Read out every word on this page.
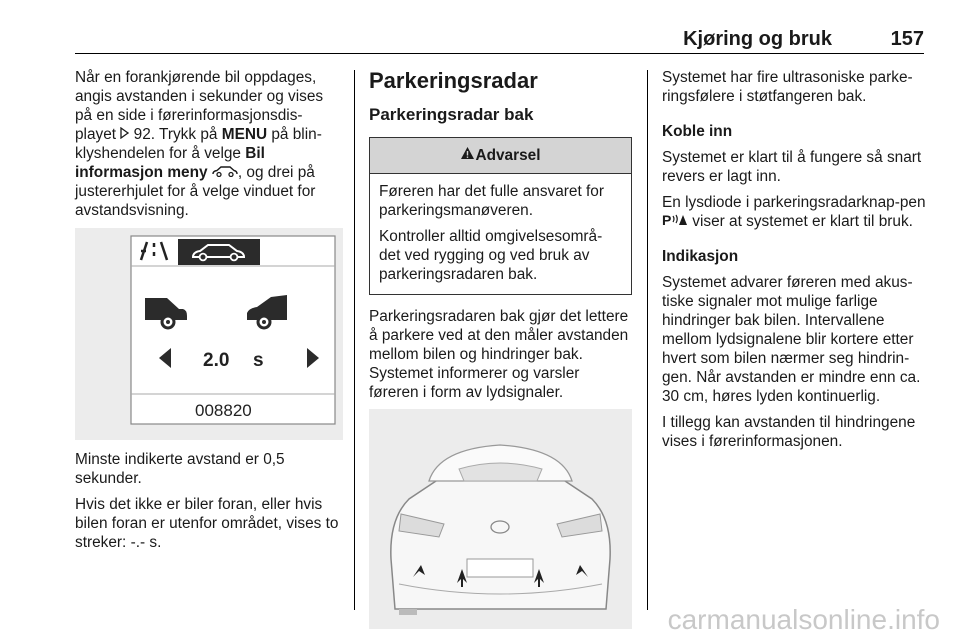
Kjøring og bruk	157

Når en forankjørende bil oppdages, angis avstanden i sekunder og vises på en side i førerinformasjonsdis-playet  92. Trykk på MENU på blin-klyshendelen for å velge Bil informasjon meny , og drei på justererhjulet for å velge vinduet for avstandsvisning.

2.0 s
008820

Minste indikerte avstand er 0,5 sekunder.

Hvis det ikke er biler foran, eller hvis bilen foran er utenfor området, vises to streker: -.- s.

Parkeringsradar
Parkeringsradar bak
Advarsel

Føreren har det fulle ansvaret for parkeringsmanøveren.

Kontroller alltid omgivelsesområ-det ved rygging og ved bruk av parkeringsradaren bak.

Parkeringsradaren bak gjør det lettere å parkere ved at den måler avstanden mellom bilen og hindringer bak. Systemet informerer og varsler føreren i form av lydsignaler.

Systemet har fire ultrasoniske parke-ringsfølere i støtfangeren bak.

Koble inn

Systemet er klart til å fungere så snart revers er lagt inn.

En lysdiode i parkeringsradarknap-pen
P viser at systemet er klart til bruk.

Indikasjon

Systemet advarer føreren med akus-tiske signaler mot mulige farlige hindringer bak bilen. Intervallene mellom lydsignalene blir kortere etter hvert som bilen nærmer seg hindrin-gen. Når avstanden er mindre enn ca. 30 cm, høres lyden kontinuerlig.

I tillegg kan avstanden til hindringene vises i førerinformasjonen.

carmanualsonline.info
